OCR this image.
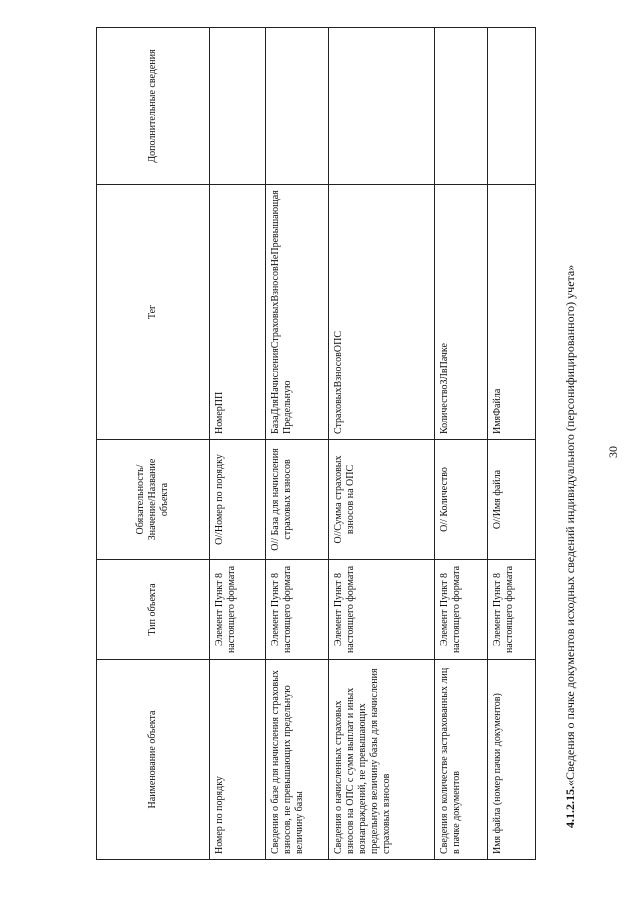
30
4.1.2.15.«Сведения о пачке документов исходных сведений индивидуального (персонифицированного) учета»
Наименование объекта	Тип объекта	Обязательность/Значение/Название объекта	Тег	Дополнительные сведения
Номер по порядку	Элемент Пункт 8 настоящего формата	О//Номер по порядку	НомерПП	
Сведения о базе для начисления страховых взносов, не превышающих предельную величину базы	Элемент Пункт 8 настоящего формата	О// База для начисления страховых взносов	БазаДляНачисленияСтраховыхВзносовНеПревышающаяПредельную	
Сведения о начисленных страховых взносов на ОПС с сумм выплат и иных вознаграждений, не превышающих предельную величину базы для начисления страховых взносов	Элемент Пункт 8 настоящего формата	О//Сумма страховых взносов на ОПС	СтраховыхВзносовОПС	
Сведения о количестве застрахованных лиц в пачке документов	Элемент Пункт 8 настоящего формата	О// Количество	КоличествоЗЛвПачке	
Имя файла (номер пачки документов)	Элемент Пункт 8 настоящего формата	О//Имя файла	ИмяФайла	
